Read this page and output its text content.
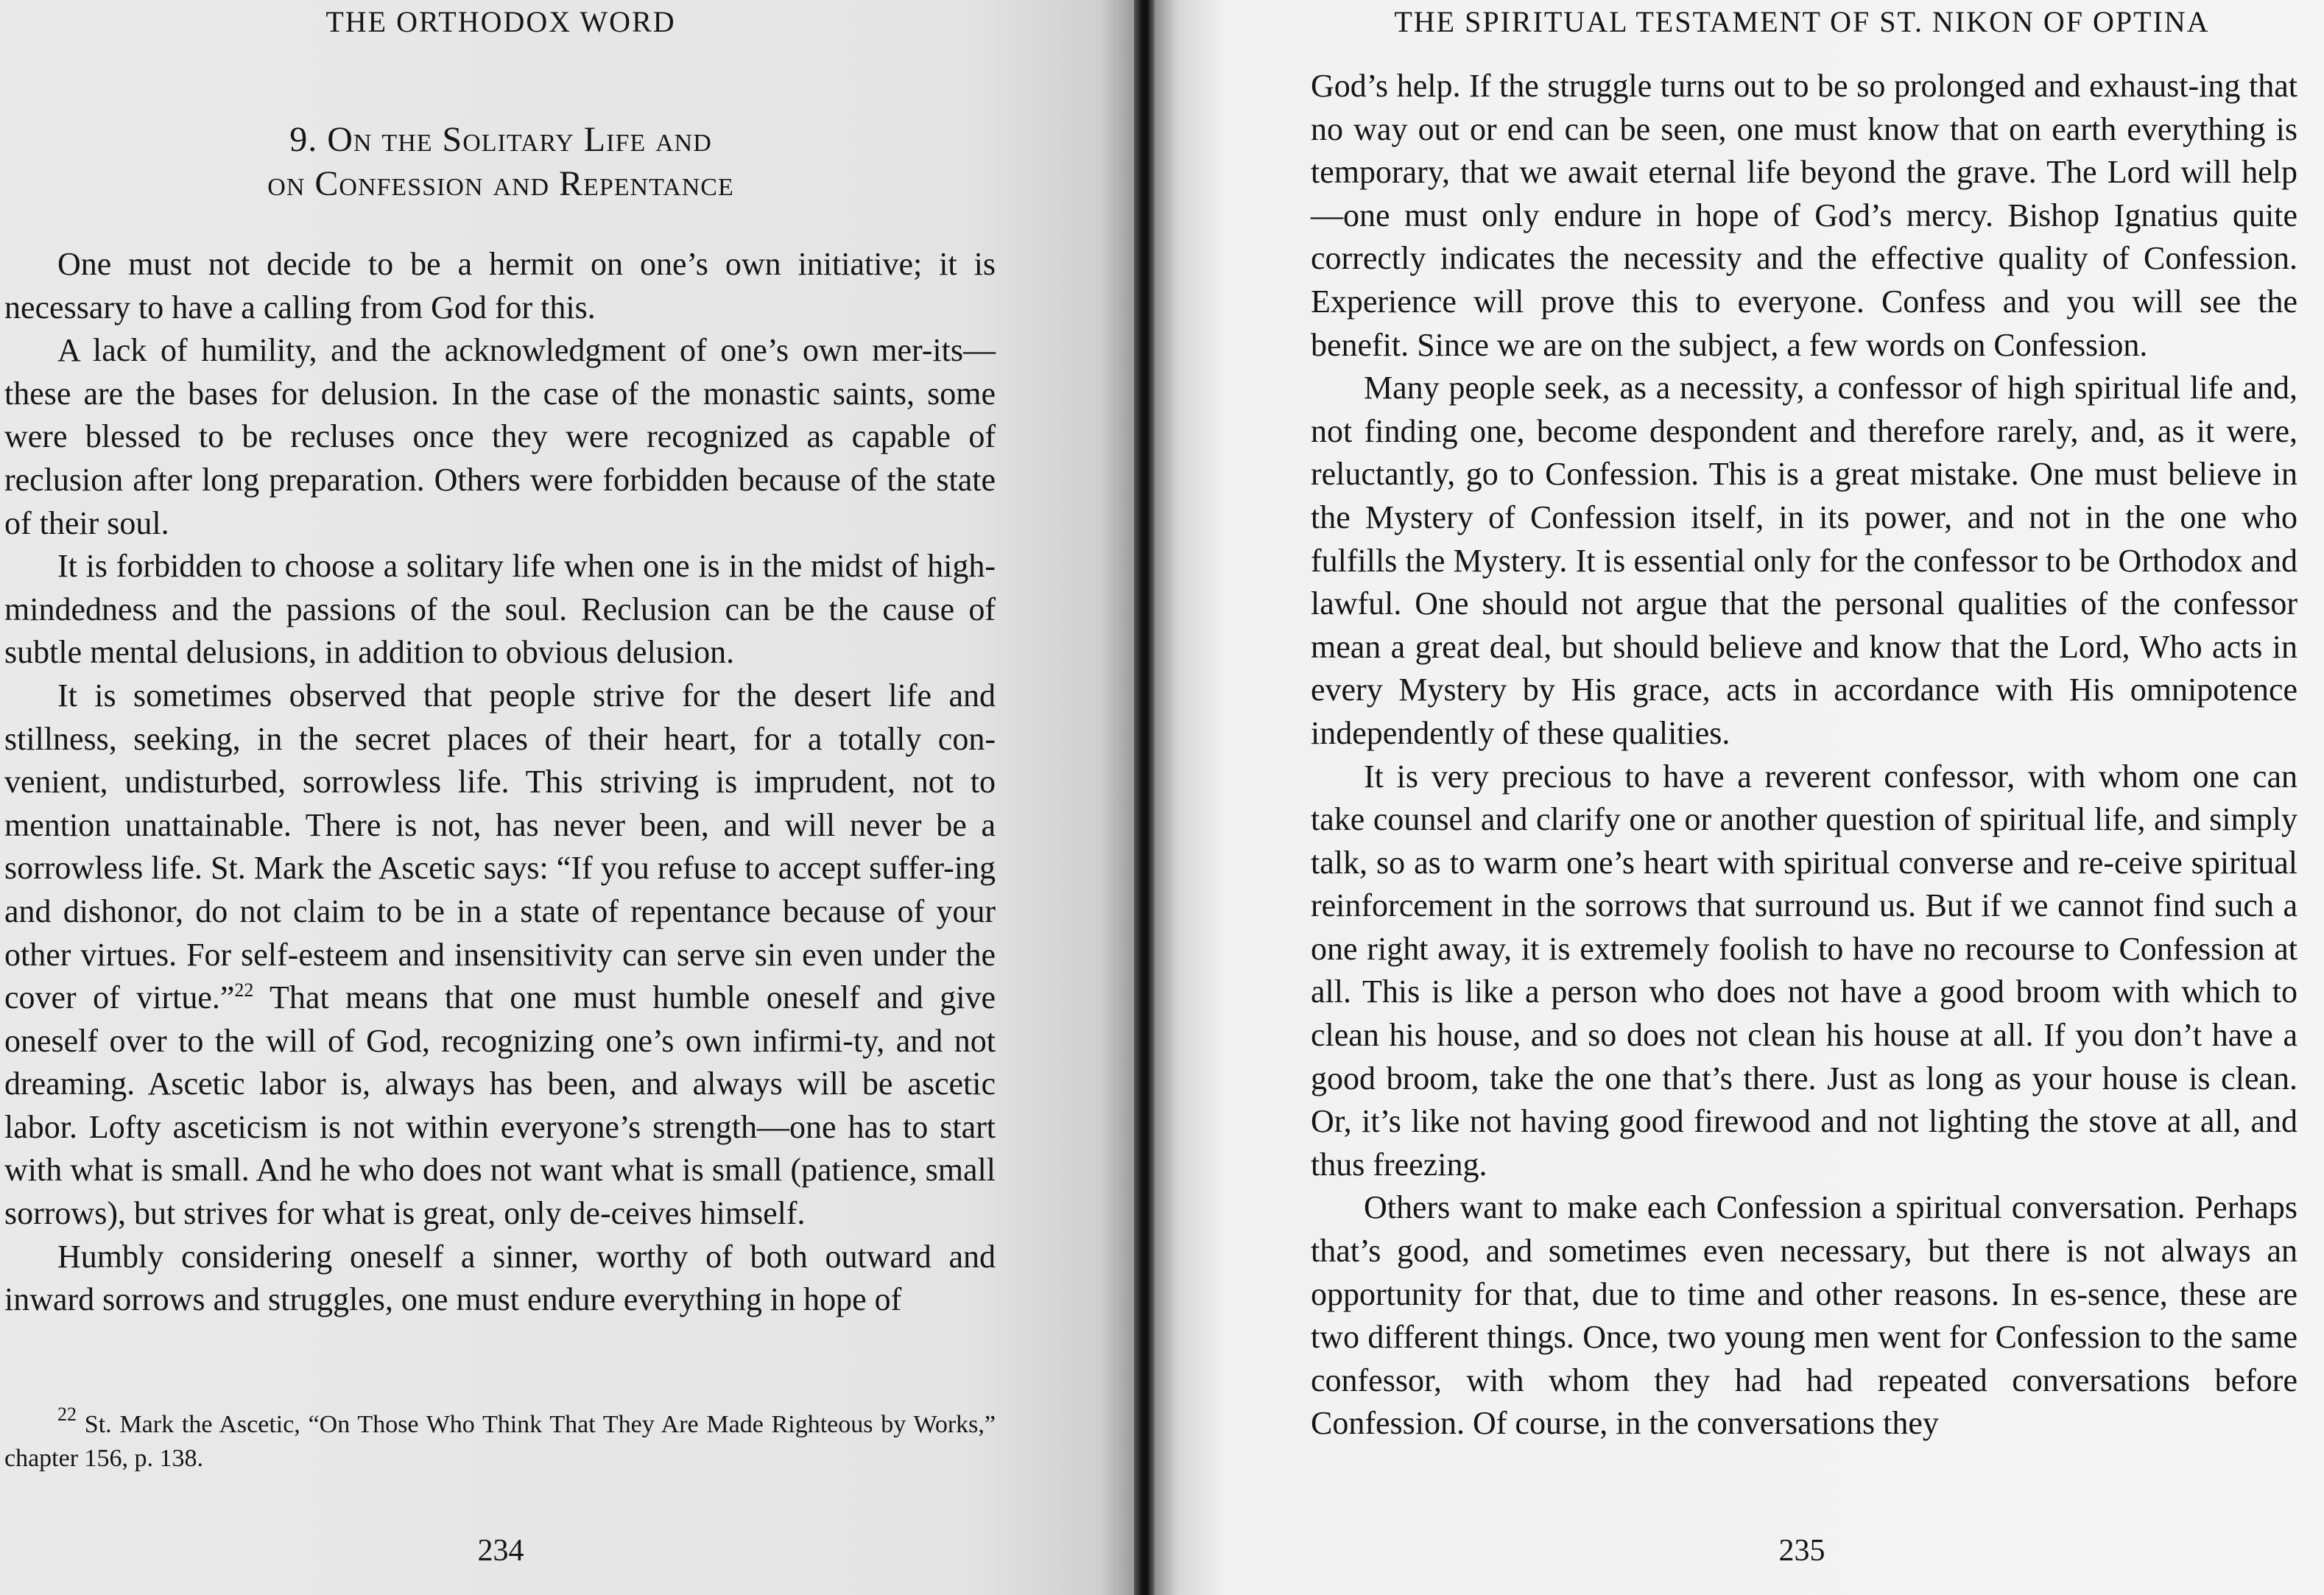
THE ORTHODOX WORD
9. On the Solitary Life and
on Confession and Repentance

One must not decide to be a hermit on one’s own initiative; it is necessary to have a calling from God for this.

A lack of humility, and the acknowledgment of one’s own mer-its—these are the bases for delusion. In the case of the monastic saints, some were blessed to be recluses once they were recognized as capable of reclusion after long preparation. Others were forbidden because of the state of their soul.

It is forbidden to choose a solitary life when one is in the midst of high-mindedness and the passions of the soul. Reclusion can be the cause of subtle mental delusions, in addition to obvious delusion.

It is sometimes observed that people strive for the desert life and stillness, seeking, in the secret places of their heart, for a totally con-venient, undisturbed, sorrowless life. This striving is imprudent, not to mention unattainable. There is not, has never been, and will never be a sorrowless life. St. Mark the Ascetic says: “If you refuse to accept suffer-ing and dishonor, do not claim to be in a state of repentance because of your other virtues. For self-esteem and insensitivity can serve sin even under the cover of virtue.”$^{22}$ That means that one must humble oneself and give oneself over to the will of God, recognizing one’s own infirmi-ty, and not dreaming. Ascetic labor is, always has been, and always will be ascetic labor. Lofty asceticism is not within everyone’s strength—one has to start with what is small. And he who does not want what is small (patience, small sorrows), but strives for what is great, only de-ceives himself.

Humbly considering oneself a sinner, worthy of both outward and inward sorrows and struggles, one must endure everything in hope of

$^{22}$ St. Mark the Ascetic, “On Those Who Think That They Are Made Righteous by Works,” chapter 156, p. 138.

234
THE SPIRITUAL TESTAMENT OF ST. NIKON OF OPTINA

God’s help. If the struggle turns out to be so prolonged and exhaust-ing that no way out or end can be seen, one must know that on earth everything is temporary, that we await eternal life beyond the grave. The Lord will help—one must only endure in hope of God’s mercy. Bishop Ignatius quite correctly indicates the necessity and the effective quality of Confession. Experience will prove this to everyone. Confess and you will see the benefit. Since we are on the subject, a few words on Confession.

Many people seek, as a necessity, a confessor of high spiritual life and, not finding one, become despondent and therefore rarely, and, as it were, reluctantly, go to Confession. This is a great mistake. One must believe in the Mystery of Confession itself, in its power, and not in the one who fulfills the Mystery. It is essential only for the confessor to be Orthodox and lawful. One should not argue that the personal qualities of the confessor mean a great deal, but should believe and know that the Lord, Who acts in every Mystery by His grace, acts in accordance with His omnipotence independently of these qualities.

It is very precious to have a reverent confessor, with whom one can take counsel and clarify one or another question of spiritual life, and simply talk, so as to warm one’s heart with spiritual converse and re-ceive spiritual reinforcement in the sorrows that surround us. But if we cannot find such a one right away, it is extremely foolish to have no recourse to Confession at all. This is like a person who does not have a good broom with which to clean his house, and so does not clean his house at all. If you don’t have a good broom, take the one that’s there. Just as long as your house is clean. Or, it’s like not having good firewood and not lighting the stove at all, and thus freezing.

Others want to make each Confession a spiritual conversation. Perhaps that’s good, and sometimes even necessary, but there is not always an opportunity for that, due to time and other reasons. In es-sence, these are two different things. Once, two young men went for Confession to the same confessor, with whom they had had repeated conversations before Confession. Of course, in the conversations they

235
